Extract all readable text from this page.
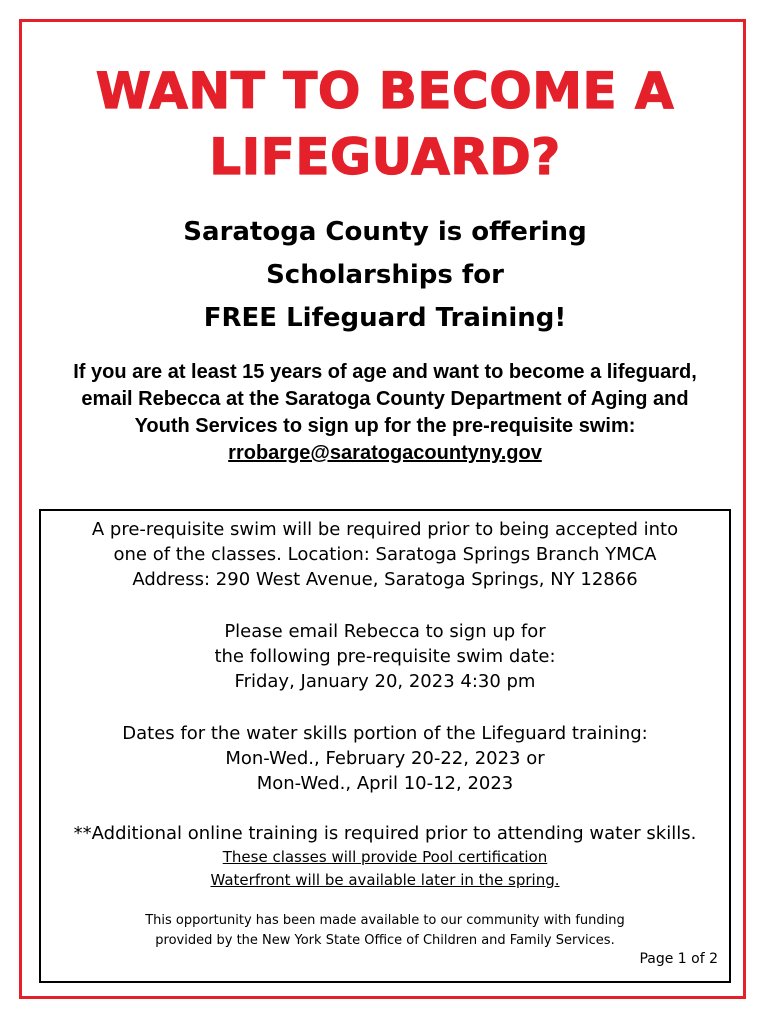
WANT TO BECOME A
LIFEGUARD?
Saratoga County is offering
Scholarships for
FREE Lifeguard Training!
If you are at least 15 years of age and want to become a lifeguard,
email Rebecca at the Saratoga County Department of Aging and
Youth Services to sign up for the pre-requisite swim:
rrobarge@saratogacountyny.gov
A pre-requisite swim will be required prior to being accepted into
one of the classes. Location: Saratoga Springs Branch YMCA
Address: 290 West Avenue, Saratoga Springs, NY 12866
Please email Rebecca to sign up for
the following pre-requisite swim date:
Friday, January 20, 2023 4:30 pm
Dates for the water skills portion of the Lifeguard training:
Mon-Wed., February 20-22, 2023 or
Mon-Wed., April 10-12, 2023
**Additional online training is required prior to attending water skills.
These classes will provide Pool certification
Waterfront will be available later in the spring.
This opportunity has been made available to our community with funding
provided by the New York State Office of Children and Family Services.
Page 1 of 2
